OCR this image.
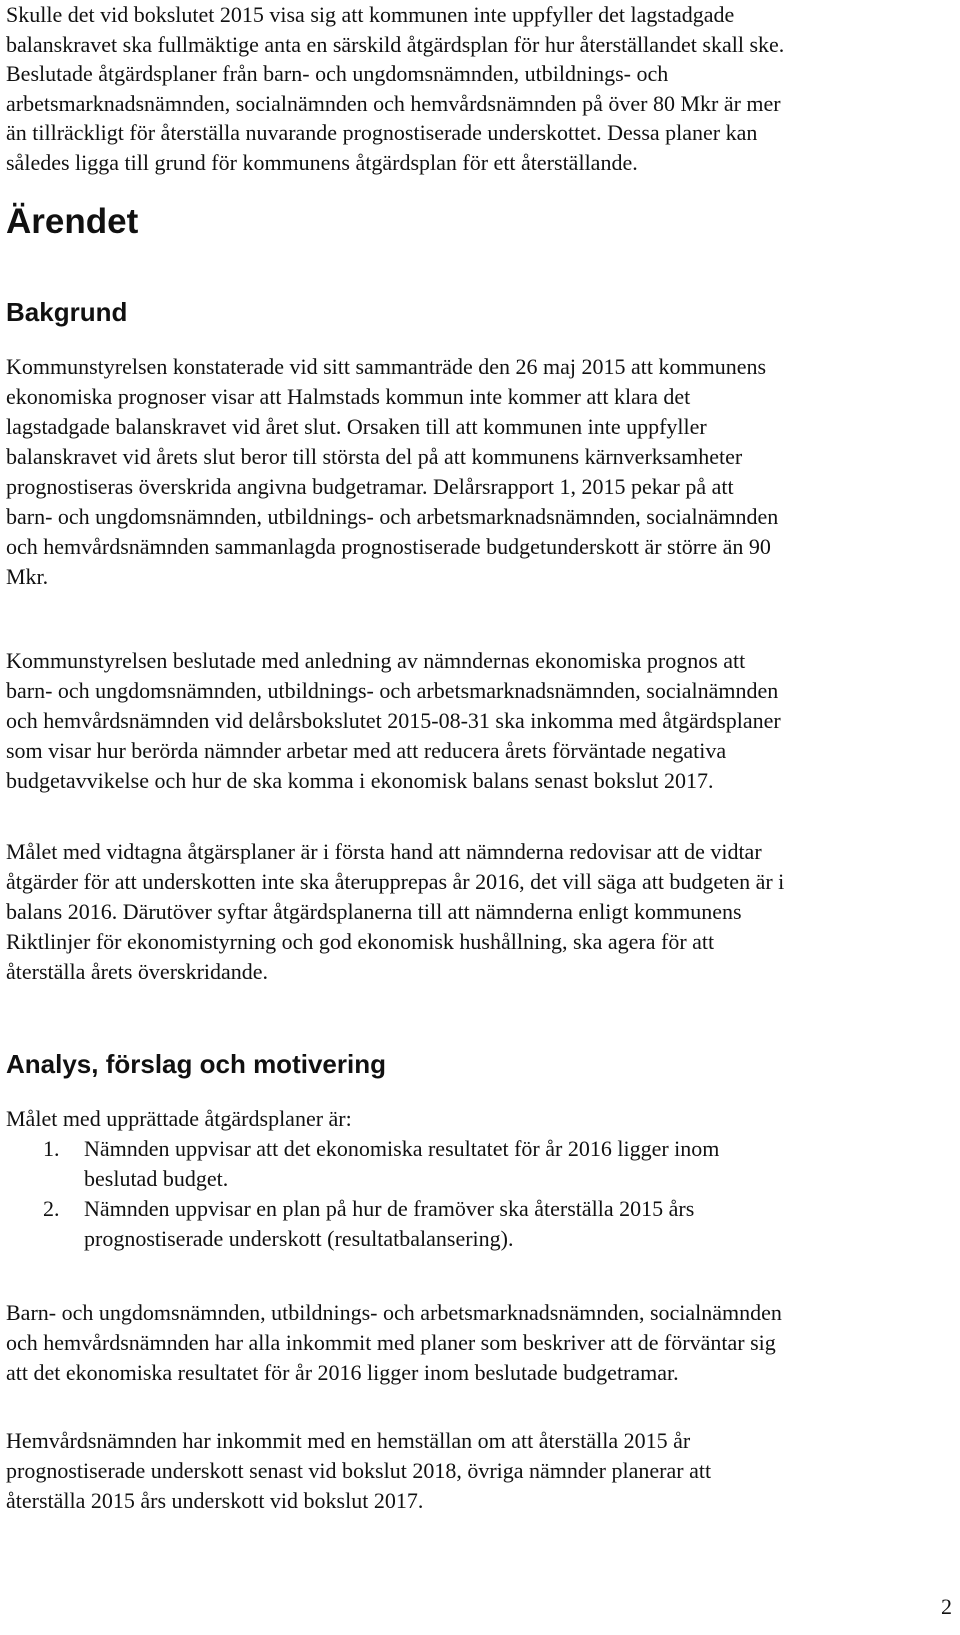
Skulle det vid bokslutet 2015 visa sig att kommunen inte uppfyller det lagstadgade
balanskravet ska fullmäktige anta en särskild åtgärdsplan för hur återställandet skall ske.
Beslutade åtgärdsplaner från barn- och ungdomsnämnden, utbildnings- och
arbetsmarknadsnämnden, socialnämnden och hemvårdsnämnden på över 80 Mkr är mer
än tillräckligt för återställa nuvarande prognostiserade underskottet. Dessa planer kan
således ligga till grund för kommunens åtgärdsplan för ett återställande.
Ärendet
Bakgrund
Kommunstyrelsen konstaterade vid sitt sammanträde den 26 maj 2015 att kommunens
ekonomiska prognoser visar att Halmstads kommun inte kommer att klara det
lagstadgade balanskravet vid året slut. Orsaken till att kommunen inte uppfyller
balanskravet vid årets slut beror till största del på att kommunens kärnverksamheter
prognostiseras överskrida angivna budgetramar. Delårsrapport 1, 2015 pekar på att
barn- och ungdomsnämnden, utbildnings- och arbetsmarknadsnämnden, socialnämnden
och hemvårdsnämnden sammanlagda prognostiserade budgetunderskott är större än 90
Mkr.
Kommunstyrelsen beslutade med anledning av nämndernas ekonomiska prognos att
barn- och ungdomsnämnden, utbildnings- och arbetsmarknadsnämnden, socialnämnden
och hemvårdsnämnden vid delårsbokslutet 2015-08-31 ska inkomma med åtgärdsplaner
som visar hur berörda nämnder arbetar med att reducera årets förväntade negativa
budgetavvikelse och hur de ska komma i ekonomisk balans senast bokslut 2017.
Målet med vidtagna åtgärsplaner är i första hand att nämnderna redovisar att de vidtar
åtgärder för att underskotten inte ska återupprepas år 2016, det vill säga att budgeten är i
balans 2016. Därutöver syftar åtgärdsplanerna till att nämnderna enligt kommunens
Riktlinjer för ekonomistyrning och god ekonomisk hushållning, ska agera för att
återställa årets överskridande.
Analys, förslag och motivering
Målet med upprättade åtgärdsplaner är:
1. Nämnden uppvisar att det ekonomiska resultatet för år 2016 ligger inom
beslutad budget.
2. Nämnden uppvisar en plan på hur de framöver ska återställa 2015 års
prognostiserade underskott (resultatbalansering).
Barn- och ungdomsnämnden, utbildnings- och arbetsmarknadsnämnden, socialnämnden
och hemvårdsnämnden har alla inkommit med planer som beskriver att de förväntar sig
att det ekonomiska resultatet för år 2016 ligger inom beslutade budgetramar.
Hemvårdsnämnden har inkommit med en hemställan om att återställa 2015 år
prognostiserade underskott senast vid bokslut 2018, övriga nämnder planerar att
återställa 2015 års underskott vid bokslut 2017.
2
